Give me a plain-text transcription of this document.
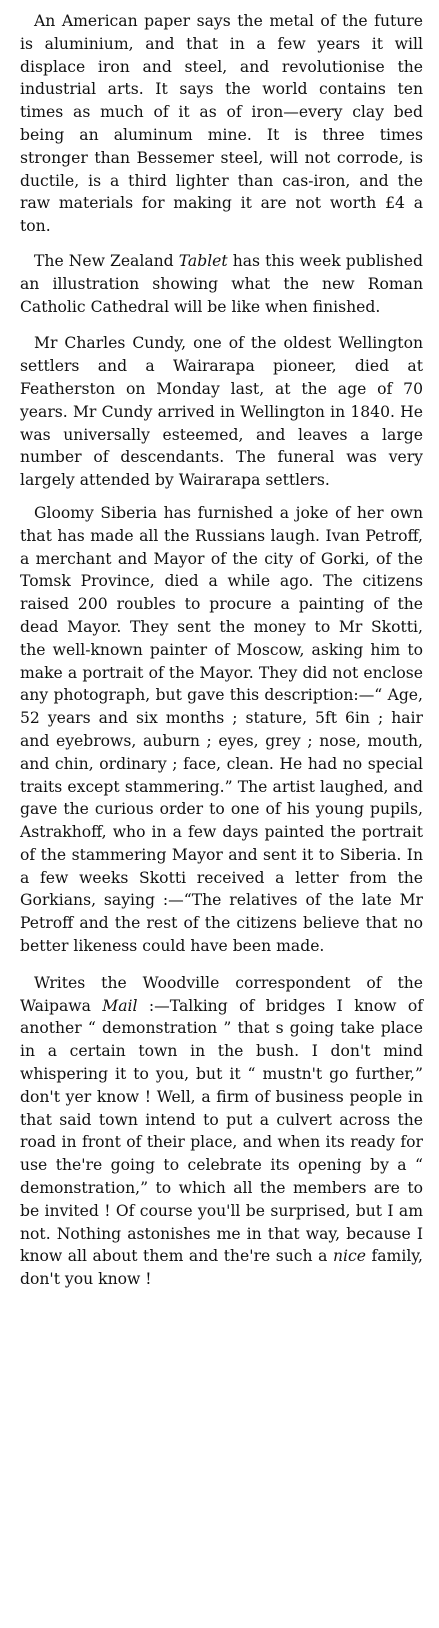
An American paper says the metal of the future is aluminium, and that in a few years it will displace iron and steel, and revolutionise the industrial arts. It says the world contains ten times as much of it as of iron—every clay bed being an aluminum mine. It is three times stronger than Bessemer steel, will not corrode, is ductile, is a third lighter than cas-iron, and the raw materials for making it are not worth £4 a ton.

The New Zealand Tablet has this week published an illustration showing what the new Roman Catholic Cathedral will be like when finished.

Mr Charles Cundy, one of the oldest Wellington settlers and a Wairarapa pioneer, died at Featherston on Monday last, at the age of 70 years. Mr Cundy arrived in Wellington in 1840. He was universally esteemed, and leaves a large number of descendants. The funeral was very largely attended by Wairarapa settlers.

Gloomy Siberia has furnished a joke of her own that has made all the Russians laugh. Ivan Petroff, a merchant and Mayor of the city of Gorki, of the Tomsk Province, died a while ago. The citizens raised 200 roubles to procure a painting of the dead Mayor. They sent the money to Mr Skotti, the well-known painter of Moscow, asking him to make a portrait of the Mayor. They did not enclose any photograph, but gave this description:—“ Age, 52 years and six months ; stature, 5ft 6in ; hair and eyebrows, auburn ; eyes, grey ; nose, mouth, and chin, ordinary ; face, clean. He had no special traits except stammering.” The artist laughed, and gave the curious order to one of his young pupils, Astrakhoff, who in a few days painted the portrait of the stammering Mayor and sent it to Siberia. In a few weeks Skotti received a letter from the Gorkians, saying :—“The relatives of the late Mr Petroff and the rest of the citizens believe that no better likeness could have been made.

Writes the Woodville correspondent of the Waipawa Mail :—Talking of bridges I know of another “ demonstration ” that s going take place in a certain town in the bush. I don't mind whispering it to you, but it “ mustn't go further,” don't yer know ! Well, a firm of business people in that said town intend to put a culvert across the road in front of their place, and when its ready for use the're going to celebrate its opening by a “ demonstration,” to which all the members are to be invited ! Of course you'll be surprised, but I am not. Nothing astonishes me in that way, because I know all about them and the're such a nice family, don't you know !
